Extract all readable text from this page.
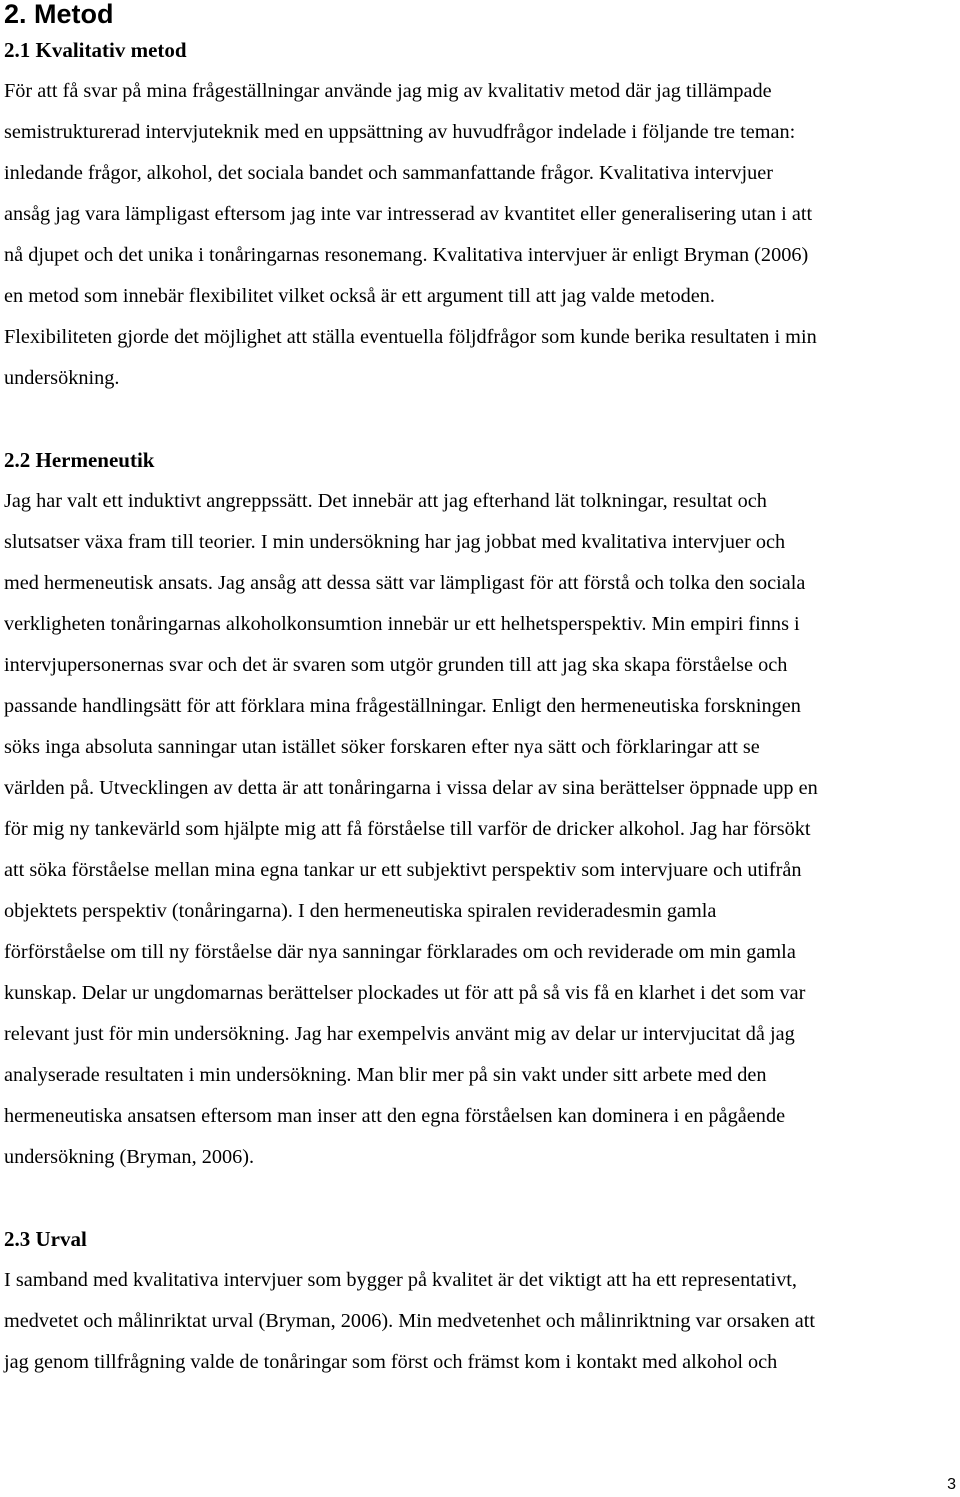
2. Metod
2.1 Kvalitativ metod

För att få svar på mina frågeställningar använde jag mig av kvalitativ metod där jag tillämpade

semistrukturerad intervjuteknik med en uppsättning av huvudfrågor indelade i följande tre teman:

inledande frågor, alkohol, det sociala bandet och sammanfattande frågor. Kvalitativa intervjuer

ansåg jag vara lämpligast eftersom jag inte var intresserad av kvantitet eller generalisering utan i att

nå djupet och det unika i tonåringarnas resonemang. Kvalitativa intervjuer är enligt Bryman (2006)

en metod som innebär flexibilitet vilket också är ett argument till att jag valde metoden.

Flexibiliteten gjorde det möjlighet att ställa eventuella följdfrågor som kunde berika resultaten i min

undersökning.

2.2 Hermeneutik

Jag har valt ett induktivt angreppssätt. Det innebär att jag efterhand lät tolkningar, resultat och

slutsatser växa fram till teorier. I min undersökning har jag jobbat med kvalitativa intervjuer och

med hermeneutisk ansats. Jag ansåg att dessa sätt var lämpligast för att förstå och tolka den sociala

verkligheten tonåringarnas alkoholkonsumtion innebär ur ett helhetsperspektiv. Min empiri finns i

intervjupersonernas svar och det är svaren som utgör grunden till att jag ska skapa förståelse och

passande handlingsätt för att förklara mina frågeställningar. Enligt den hermeneutiska forskningen

söks inga absoluta sanningar utan istället söker forskaren efter nya sätt och förklaringar att se

världen på. Utvecklingen av detta är att tonåringarna i vissa delar av sina berättelser öppnade upp en

för mig ny tankevärld som hjälpte mig att få förståelse till varför de dricker alkohol. Jag har försökt

att söka förståelse mellan mina egna tankar ur ett subjektivt perspektiv som intervjuare och utifrån

objektets perspektiv (tonåringarna). I den hermeneutiska spiralen revideradesmin gamla

förförståelse om till ny förståelse där nya sanningar förklarades om och reviderade om min gamla

kunskap. Delar ur ungdomarnas berättelser plockades ut för att på så vis få en klarhet i det som var

relevant just för min undersökning. Jag har exempelvis använt mig av delar ur intervjucitat då jag

analyserade resultaten i min undersökning. Man blir mer på sin vakt under sitt arbete med den

hermeneutiska ansatsen eftersom man inser att den egna förståelsen kan dominera i en pågående

undersökning (Bryman, 2006).

2.3 Urval

I samband med kvalitativa intervjuer som bygger på kvalitet är det viktigt att ha ett representativt,

medvetet och målinriktat urval (Bryman, 2006). Min medvetenhet och målinriktning var orsaken att

jag genom tillfrågning valde de tonåringar som först och främst kom i kontakt med alkohol och

3
